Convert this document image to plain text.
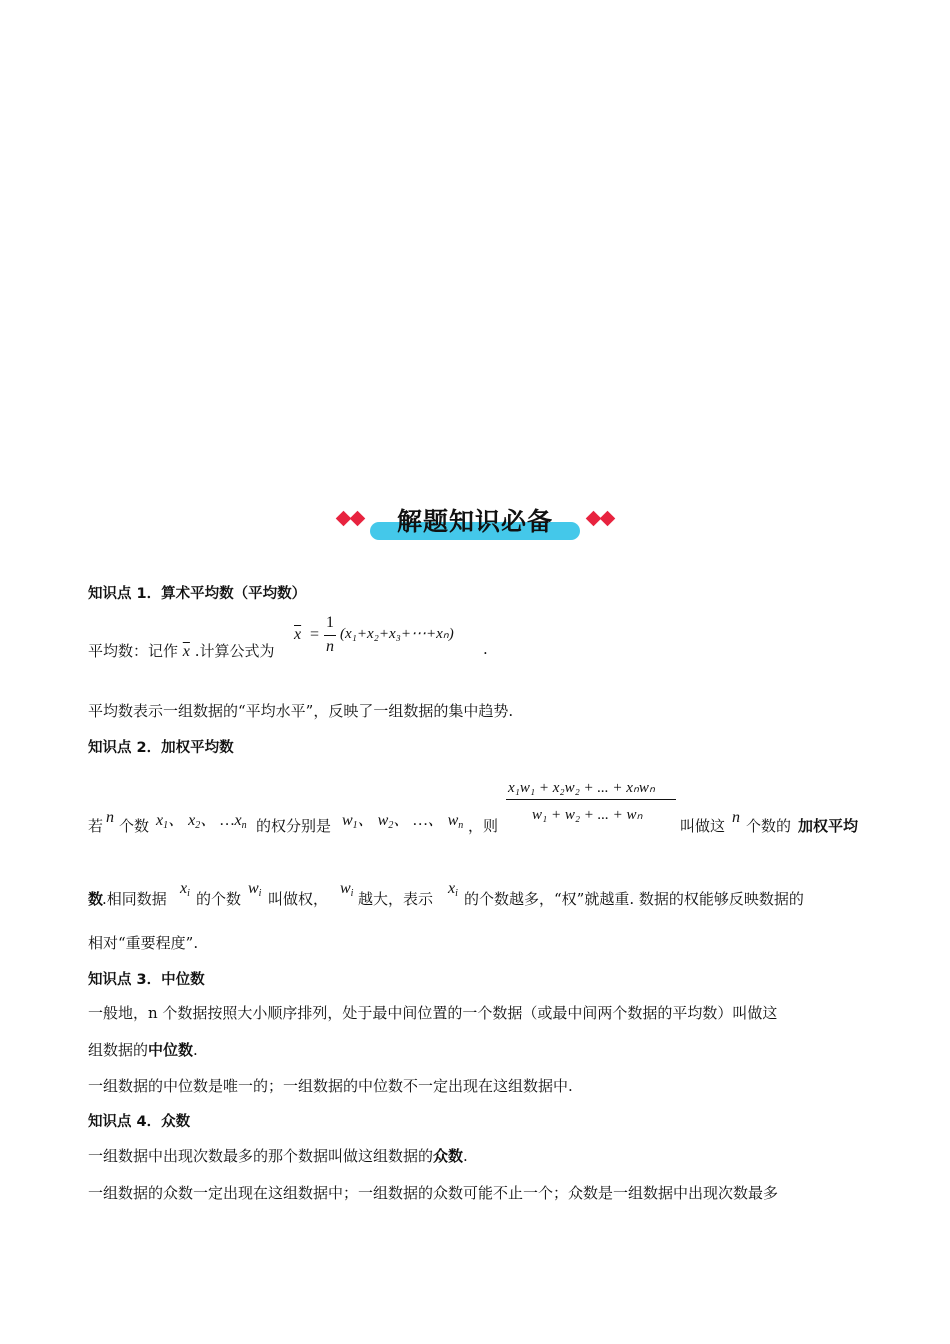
解题知识必备
知识点 1．算术平均数（平均数）
平均数：记作 $\overline{x}$ .计算公式为
$\overline{x}$ =
1
n
(x₁+x₂+x₃+⋯+xₙ)
.
平均数表示一组数据的“平均水平”，反映了一组数据的集中趋势.
知识点 2．加权平均数
若 n 个数 $x_1$、 $x_2$、 $\dots x_n$ 的权分别是 $w_1$、 $w_2$、 …、 $w_n$ ，则	叫做这 n 个数的 加权平均
x₁w₁ + x₂w₂ + ... + xₙwₙ
w₁ + w₂ + ... + wₙ
数
.相同数据
$x_i$ 的个数
$w_i$ 叫做权，
$w_i$ 越大，表示
$x_i$ 的个数越多，“权”就越重. 数据的权能够反映数据的
相对“重要程度”.
知识点 3．中位数
一般地，n 个数据按照大小顺序排列，处于最中间位置的一个数据（或最中间两个数据的平均数）叫做这
组数据的中位数.
一组数据的中位数是唯一的；一组数据的中位数不一定出现在这组数据中.
知识点 4．众数
一组数据中出现次数最多的那个数据叫做这组数据的众数.
一组数据的众数一定出现在这组数据中；一组数据的众数可能不止一个；众数是一组数据中出现次数最多
